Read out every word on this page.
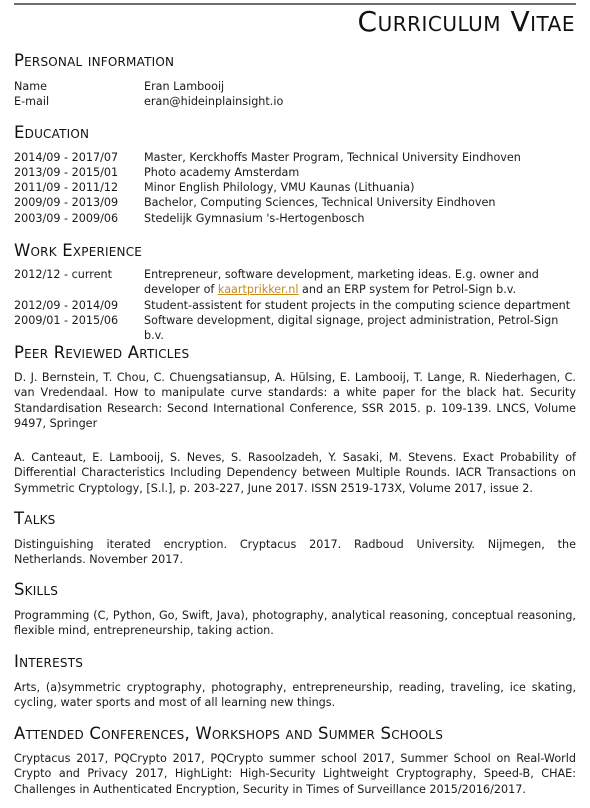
Curriculum Vitae
Personal information
Name	Eran Lambooij
E-mail	eran@hideinplainsight.io
Education
2014/09 - 2017/07 Master, Kerckhoffs Master Program, Technical University Eindhoven
2013/09 - 2015/01 Photo academy Amsterdam
2011/09 - 2011/12 Minor English Philology, VMU Kaunas (Lithuania)
2009/09 - 2013/09 Bachelor, Computing Sciences, Technical University Eindhoven
2003/09 - 2009/06 Stedelijk Gymnasium 's-Hertogenbosch
Work Experience
2012/12 - current	Entrepreneur, software development, marketing ideas. E.g. owner and
developer of kaartprikker.nl and an ERP system for Petrol-Sign b.v.
2012/09 - 2014/09 Student-assistent for student projects in the computing science department
2009/01 - 2015/06 Software development, digital signage, project administration, Petrol-Sign b.v.
Peer Reviewed Articles

D. J. Bernstein, T. Chou, C. Chuengsatiansup, A. Hülsing, E. Lambooij, T. Lange, R. Niederhagen, C. van Vredendaal. How to manipulate curve standards: a white paper for the black hat. Security Standardisation Research: Second International Conference, SSR 2015. p. 109-139. LNCS, Volume 9497, Springer

A. Canteaut, E. Lambooij, S. Neves, S. Rasoolzadeh, Y. Sasaki, M. Stevens. Exact Probability of Differential Characteristics Including Dependency between Multiple Rounds. IACR Transactions on Symmetric Cryptology, [S.l.], p. 203-227, June 2017. ISSN 2519-173X, Volume 2017, issue 2.

Talks

Distinguishing iterated encryption. Cryptacus 2017. Radboud University. Nijmegen, the Netherlands. November 2017.

Skills

Programming (C, Python, Go, Swift, Java), photography, analytical reasoning, conceptual reasoning, flexible mind, entrepreneurship, taking action.

Interests

Arts, (a)symmetric cryptography, photography, entrepreneurship, reading, traveling, ice skating, cycling, water sports and most of all learning new things.

Attended Conferences, Workshops and Summer Schools

Cryptacus 2017, PQCrypto 2017, PQCrypto summer school 2017, Summer School on Real-World Crypto and Privacy 2017, HighLight: High-Security Lightweight Cryptography, Speed-B, CHAE: Challenges in Authenticated Encryption, Security in Times of Surveillance 2015/2016/2017.
